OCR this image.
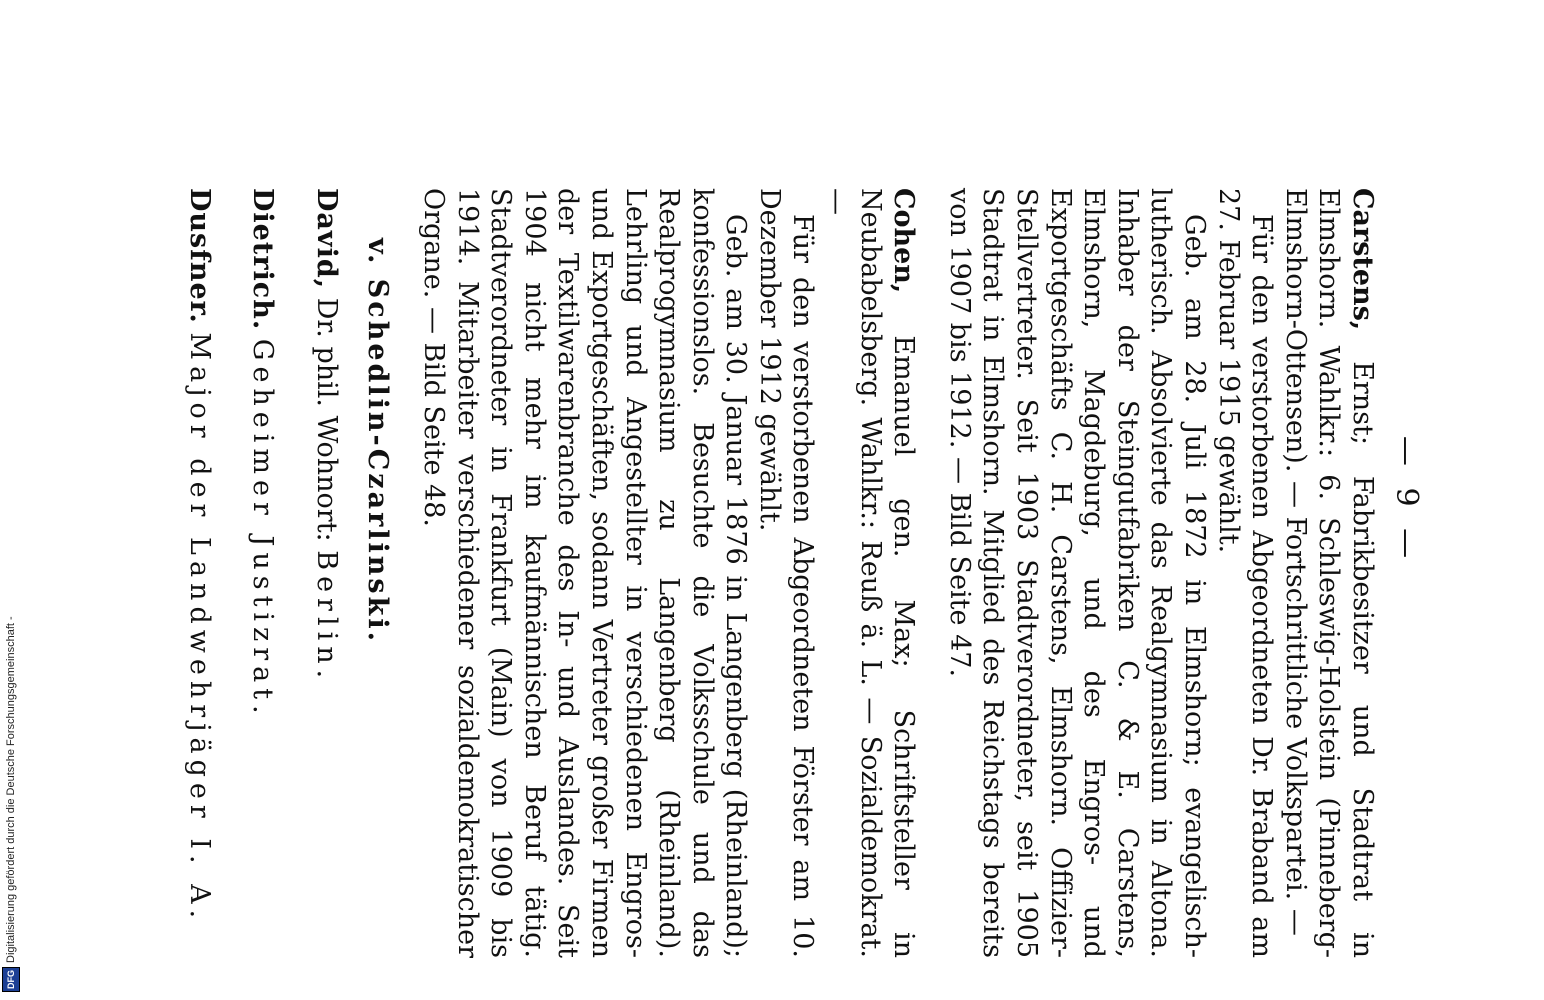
— 9 —

Carstens, Ernst; Fabrikbesitzer und Stadtrat in Elmshorn. Wahlkr.: 6. Schleswig-Holstein (Pinneberg-Elmshorn-Ottensen). — Fortschrittliche Volkspartei. —

Für den verstorbenen Abgeordneten Dr. Braband am 27. Februar 1915 gewählt.

Geb. am 28. Juli 1872 in Elmshorn; evangelisch-lutherisch. Absolvierte das Realgymnasium in Altona. Inhaber der Steingutfabriken C. & E. Carstens, Elmshorn, Magdeburg, und des Engros- und Exportgeschäfts C. H. Carstens, Elmshorn. Offizier-Stellvertreter. Seit 1903 Stadtverordneter, seit 1905 Stadtrat in Elmshorn. Mitglied des Reichstags bereits von 1907 bis 1912. — Bild Seite 47.

Cohen, Emanuel gen. Max; Schriftsteller in Neubabelsberg. Wahlkr.: Reuß ä. L. — Sozialdemokrat. —

Für den verstorbenen Abgeordneten Förster am 10. Dezember 1912 gewählt.

Geb. am 30. Januar 1876 in Langenberg (Rheinland); konfessionslos. Besuchte die Volksschule und das Realprogymnasium zu Langenberg (Rheinland). Lehrling und Angestellter in verschiedenen Engros- und Exportgeschäften, sodann Vertreter großer Firmen der Textilwarenbranche des In- und Auslandes. Seit 1904 nicht mehr im kaufmännischen Beruf tätig. Stadtverordneter in Frankfurt (Main) von 1909 bis 1914. Mitarbeiter verschiedener sozialdemokratischer Organe. — Bild Seite 48.

v. Schedlin-Czarlinski.
David, Dr. phil. Wohnort: Berlin.
Dietrich. Geheimer Justizrat.
Dusfner. Major der Landwehrjäger I. A.
DFGDigitalisierung gefördert durch die Deutsche Forschungsgemeinschaft -
